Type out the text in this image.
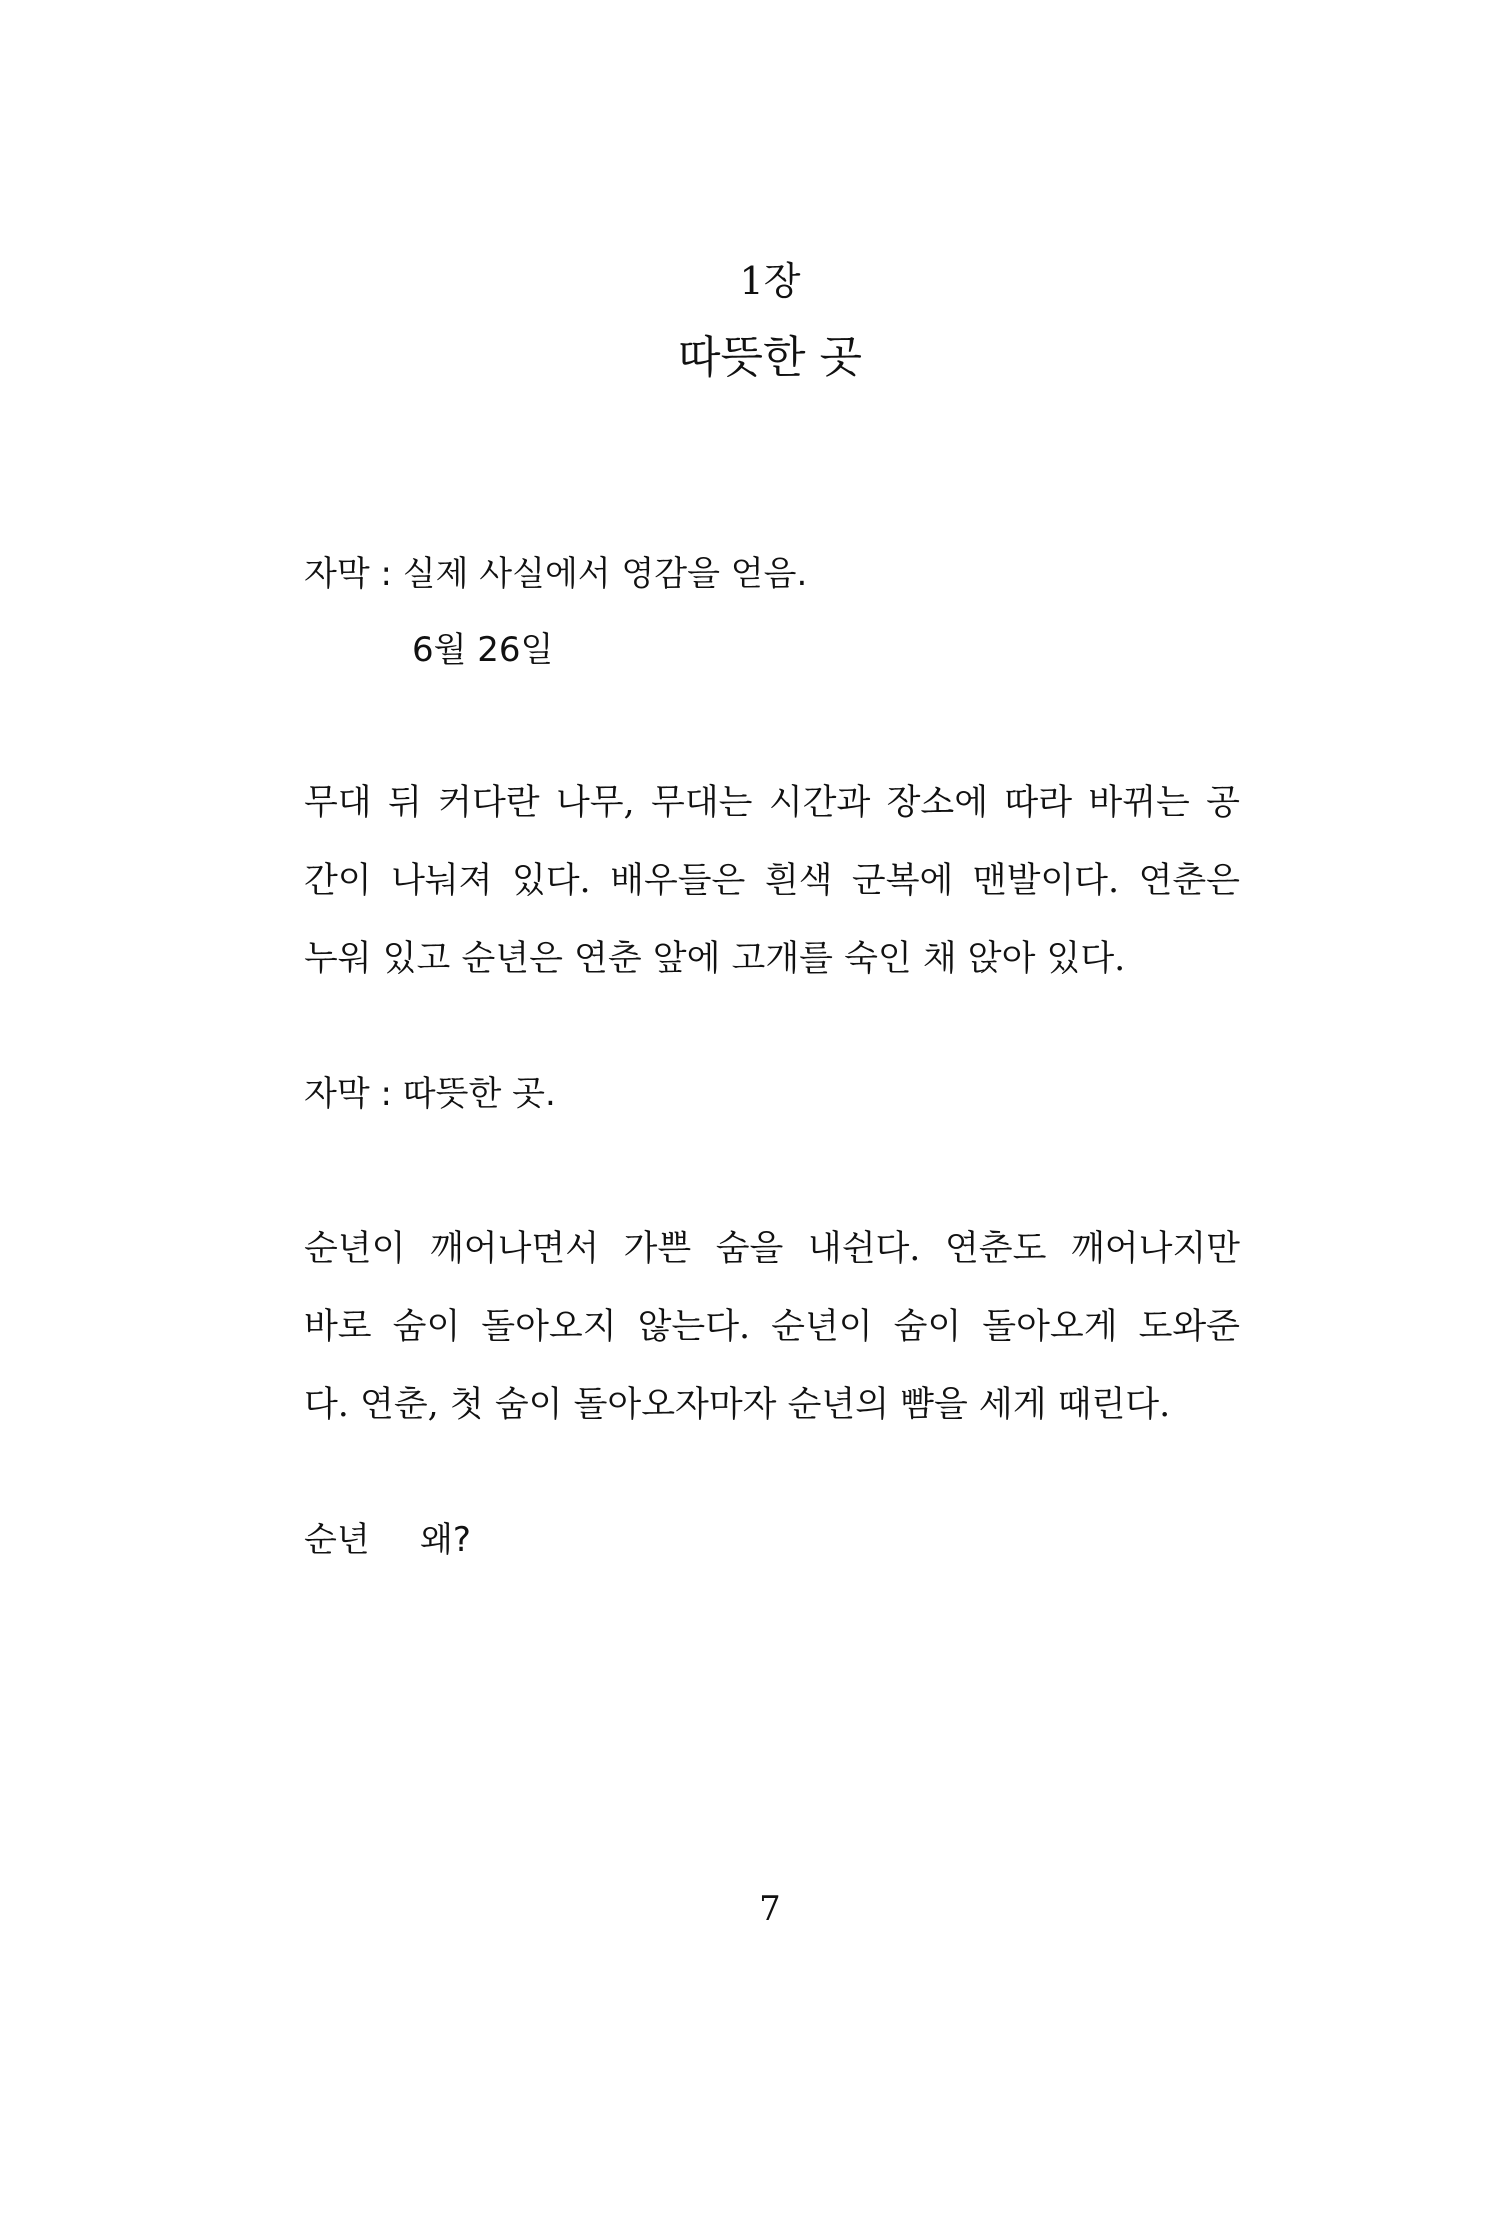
1장
따뜻한 곳
자막 : 실제 사실에서 영감을 얻음.
6월 26일
무대 뒤 커다란 나무, 무대는 시간과 장소에 따라 바뀌는 공
간이 나눠져 있다. 배우들은 흰색 군복에 맨발이다. 연춘은
누워 있고 순년은 연춘 앞에 고개를 숙인 채 앉아 있다.
자막 : 따뜻한 곳.
순년이 깨어나면서 가쁜 숨을 내쉰다. 연춘도 깨어나지만
바로 숨이 돌아오지 않는다. 순년이 숨이 돌아오게 도와준
다. 연춘, 첫 숨이 돌아오자마자 순년의 뺨을 세게 때린다.
순년 왜?
7
